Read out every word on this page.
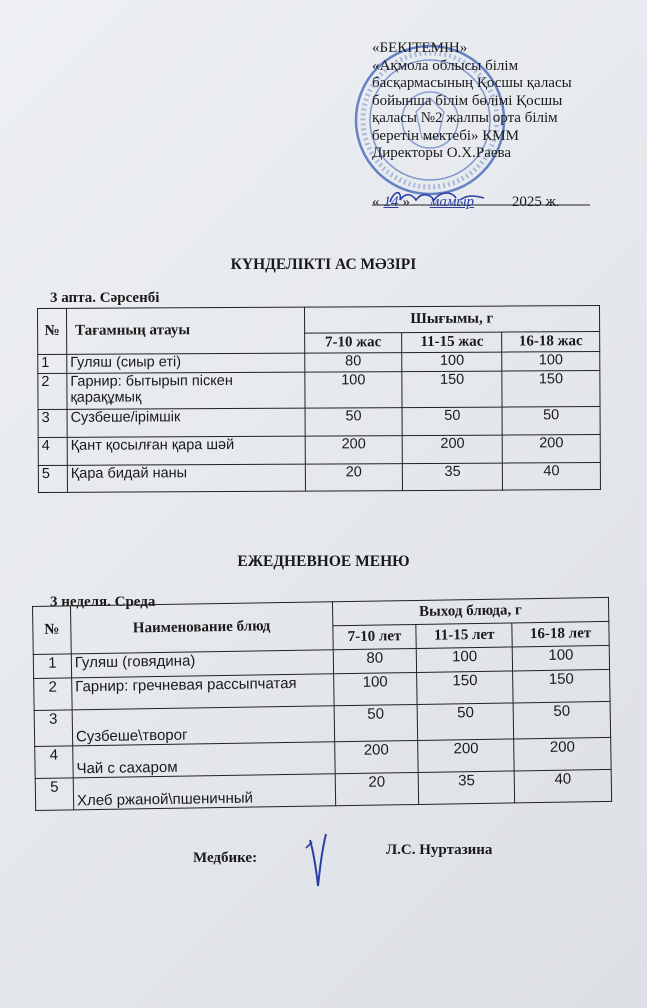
«БЕКІТЕМІН»
«Ақмола облысы білім
басқармасының Қосшы қаласы
бойынша білім бөлімі Қосшы
қаласы №2 жалпы орта білім
беретін мектебі» КММ
Директоры О.Х.Раева
« 14 » мамыр	2025 ж.
КҮНДЕЛІКТІ АС МӘЗІРІ
3 апта. Сәрсенбі
№	Тағамның атауы	Шығымы, г		
		7-10 жас	11-15 жас	16-18 жас
1	Гуляш (сиыр еті)	80	100	100
2	Гарнир: бытырып піскен қарақұмық	100	150	150
3	Сузбеше/ірімшік	50	50	50
4	Қант қосылған қара шәй	200	200	200
5	Қара бидай наны	20	35	40
ЕЖЕДНЕВНОЕ МЕНЮ
3 неделя. Среда
№	Наименование блюд	Выход блюда, г		
		7-10 лет	11-15 лет	16-18 лет
1	Гуляш (говядина)	80	100	100
2	Гарнир: гречневая рассыпчатая	100	150	150
3	Сузбеше\творог	50	50	50
4	Чай с сахаром	200	200	200
5	Хлеб ржаной\пшеничный	20	35	40
Медбике:	Л.С. Нуртазина
